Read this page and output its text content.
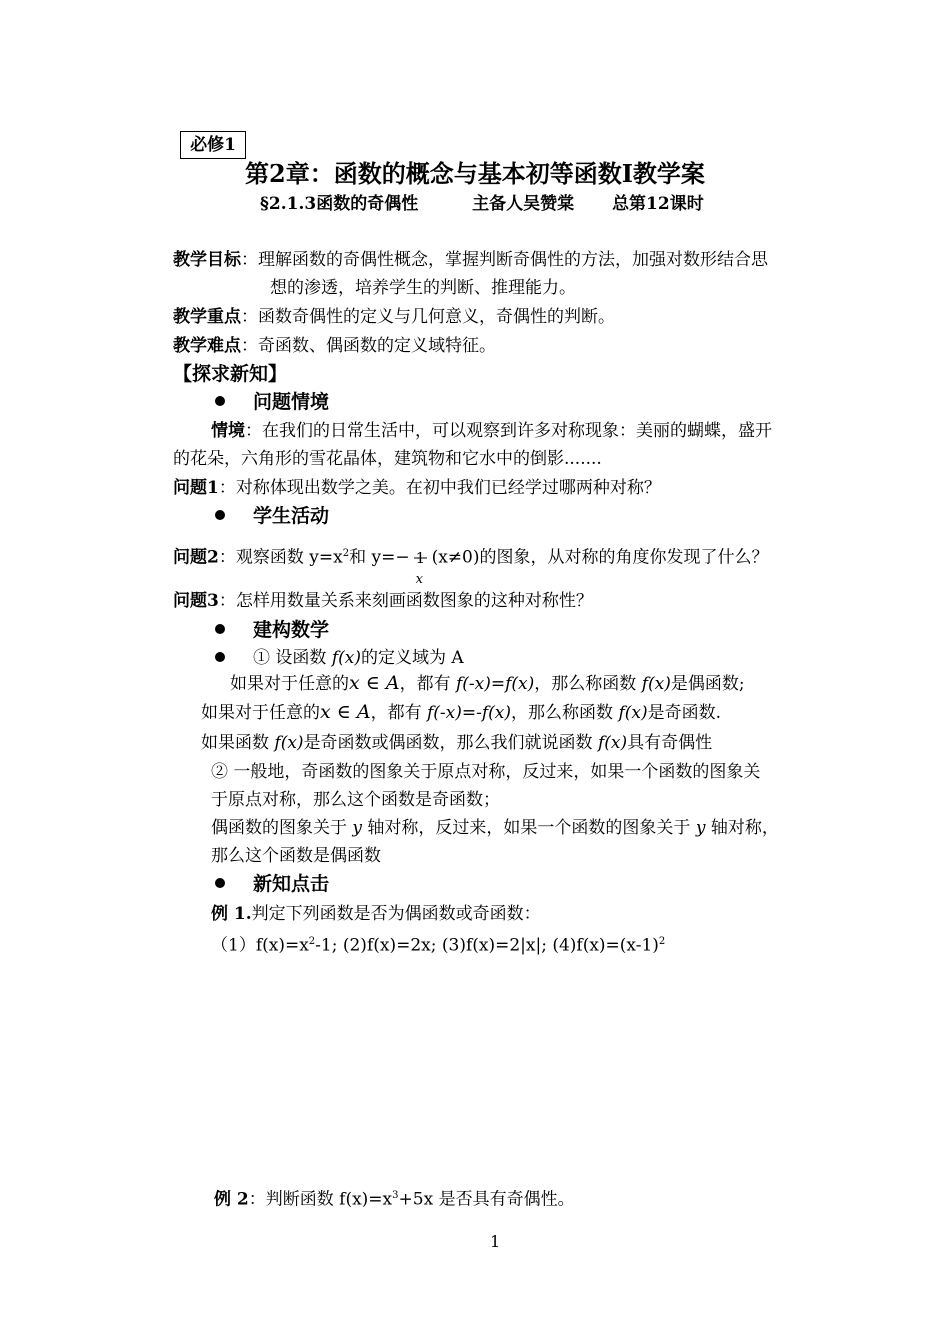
必修1
第2章：函数的概念与基本初等函数Ⅰ教学案
§2.1.3函数的奇偶性	主备人吴赞棠 总第12课时
教学目标：理解函数的奇偶性概念，掌握判断奇偶性的方法，加强对数形结合思
想的渗透，培养学生的判断、推理能力。
教学重点：函数奇偶性的定义与几何意义，奇偶性的判断。
教学难点：奇函数、偶函数的定义域特征。
【探求新知】
问题情境
情境：在我们的日常生活中，可以观察到许多对称现象：美丽的蝴蝶，盛开
的花朵，六角形的雪花晶体，建筑物和它水中的倒影.......
问题1：对称体现出数学之美。在初中我们已经学过哪两种对称？
学生活动
问题2：观察函数 $y=x^2$和 y=− 1
x
(x≠0)的图象，从对称的角度你发现了什么？
问题3：怎样用数量关系来刻画函数图象的这种对称性？
建构数学
① 设函数 f(x)的定义域为 A
如果对于任意的x ∈ A，都有 f(-x)=f(x)，那么称函数 f(x)是偶函数;
如果对于任意的x ∈ A，都有 f(-x)=-f(x)，那么称函数 f(x)是奇函数.
如果函数 f(x)是奇函数或偶函数，那么我们就说函数 f(x)具有奇偶性
② 一般地，奇函数的图象关于原点对称，反过来，如果一个函数的图象关
于原点对称，那么这个函数是奇函数；
偶函数的图象关于 y 轴对称，反过来，如果一个函数的图象关于 y 轴对称，
那么这个函数是偶函数
新知点击
例 1.判定下列函数是否为偶函数或奇函数：
$(1)f(x)=x^2-1$; (2)f(x)=2x; (3)f(x)=2|x|; $(4)f(x)=(x-1)^2$
例 2：判断函数 $f(x)=x^3+5x$ 是否具有奇偶性。
1
